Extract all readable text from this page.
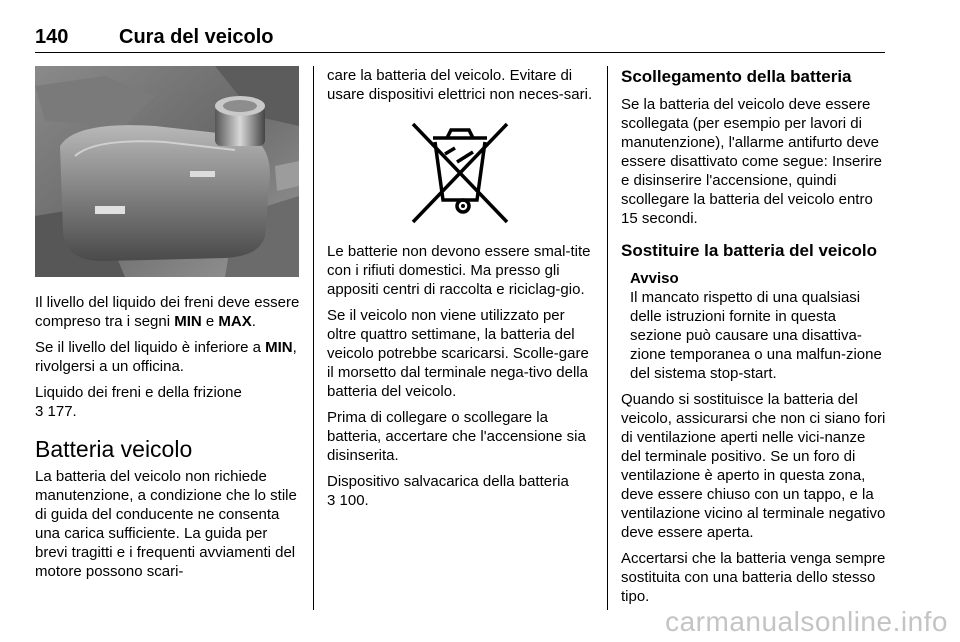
140	Cura del veicolo

Il livello del liquido dei freni deve essere compreso tra i segni MIN e MAX.

Se il livello del liquido è inferiore a MIN, rivolgersi a un officina.

Liquido dei freni e della frizione
3 177.

Batteria veicolo

La batteria del veicolo non richiede manutenzione, a condizione che lo stile di guida del conducente ne consenta una carica sufficiente. La guida per brevi tragitti e i frequenti avviamenti del motore possono scari-

care la batteria del veicolo. Evitare di usare dispositivi elettrici non neces-sari.

Le batterie non devono essere smal-tite con i rifiuti domestici. Ma presso gli appositi centri di raccolta e riciclag-gio.

Se il veicolo non viene utilizzato per oltre quattro settimane, la batteria del veicolo potrebbe scaricarsi. Scolle-gare il morsetto dal terminale nega-tivo della batteria del veicolo.

Prima di collegare o scollegare la batteria, accertare che l'accensione sia disinserita.

Dispositivo salvacarica della batteria
3 100.

Scollegamento della batteria

Se la batteria del veicolo deve essere scollegata (per esempio per lavori di manutenzione), l'allarme antifurto deve essere disattivato come segue: Inserire e disinserire l'accensione, quindi scollegare la batteria del veicolo entro 15 secondi.

Sostituire la batteria del veicolo
Avviso

Il mancato rispetto di una qualsiasi delle istruzioni fornite in questa sezione può causare una disattiva-zione temporanea o una malfun-zione del sistema stop-start.

Quando si sostituisce la batteria del veicolo, assicurarsi che non ci siano fori di ventilazione aperti nelle vici-nanze del terminale positivo. Se un foro di ventilazione è aperto in questa zona, deve essere chiuso con un tappo, e la ventilazione vicino al terminale negativo deve essere aperta.

Accertarsi che la batteria venga sempre sostituita con una batteria dello stesso tipo.

carmanualsonline.info
